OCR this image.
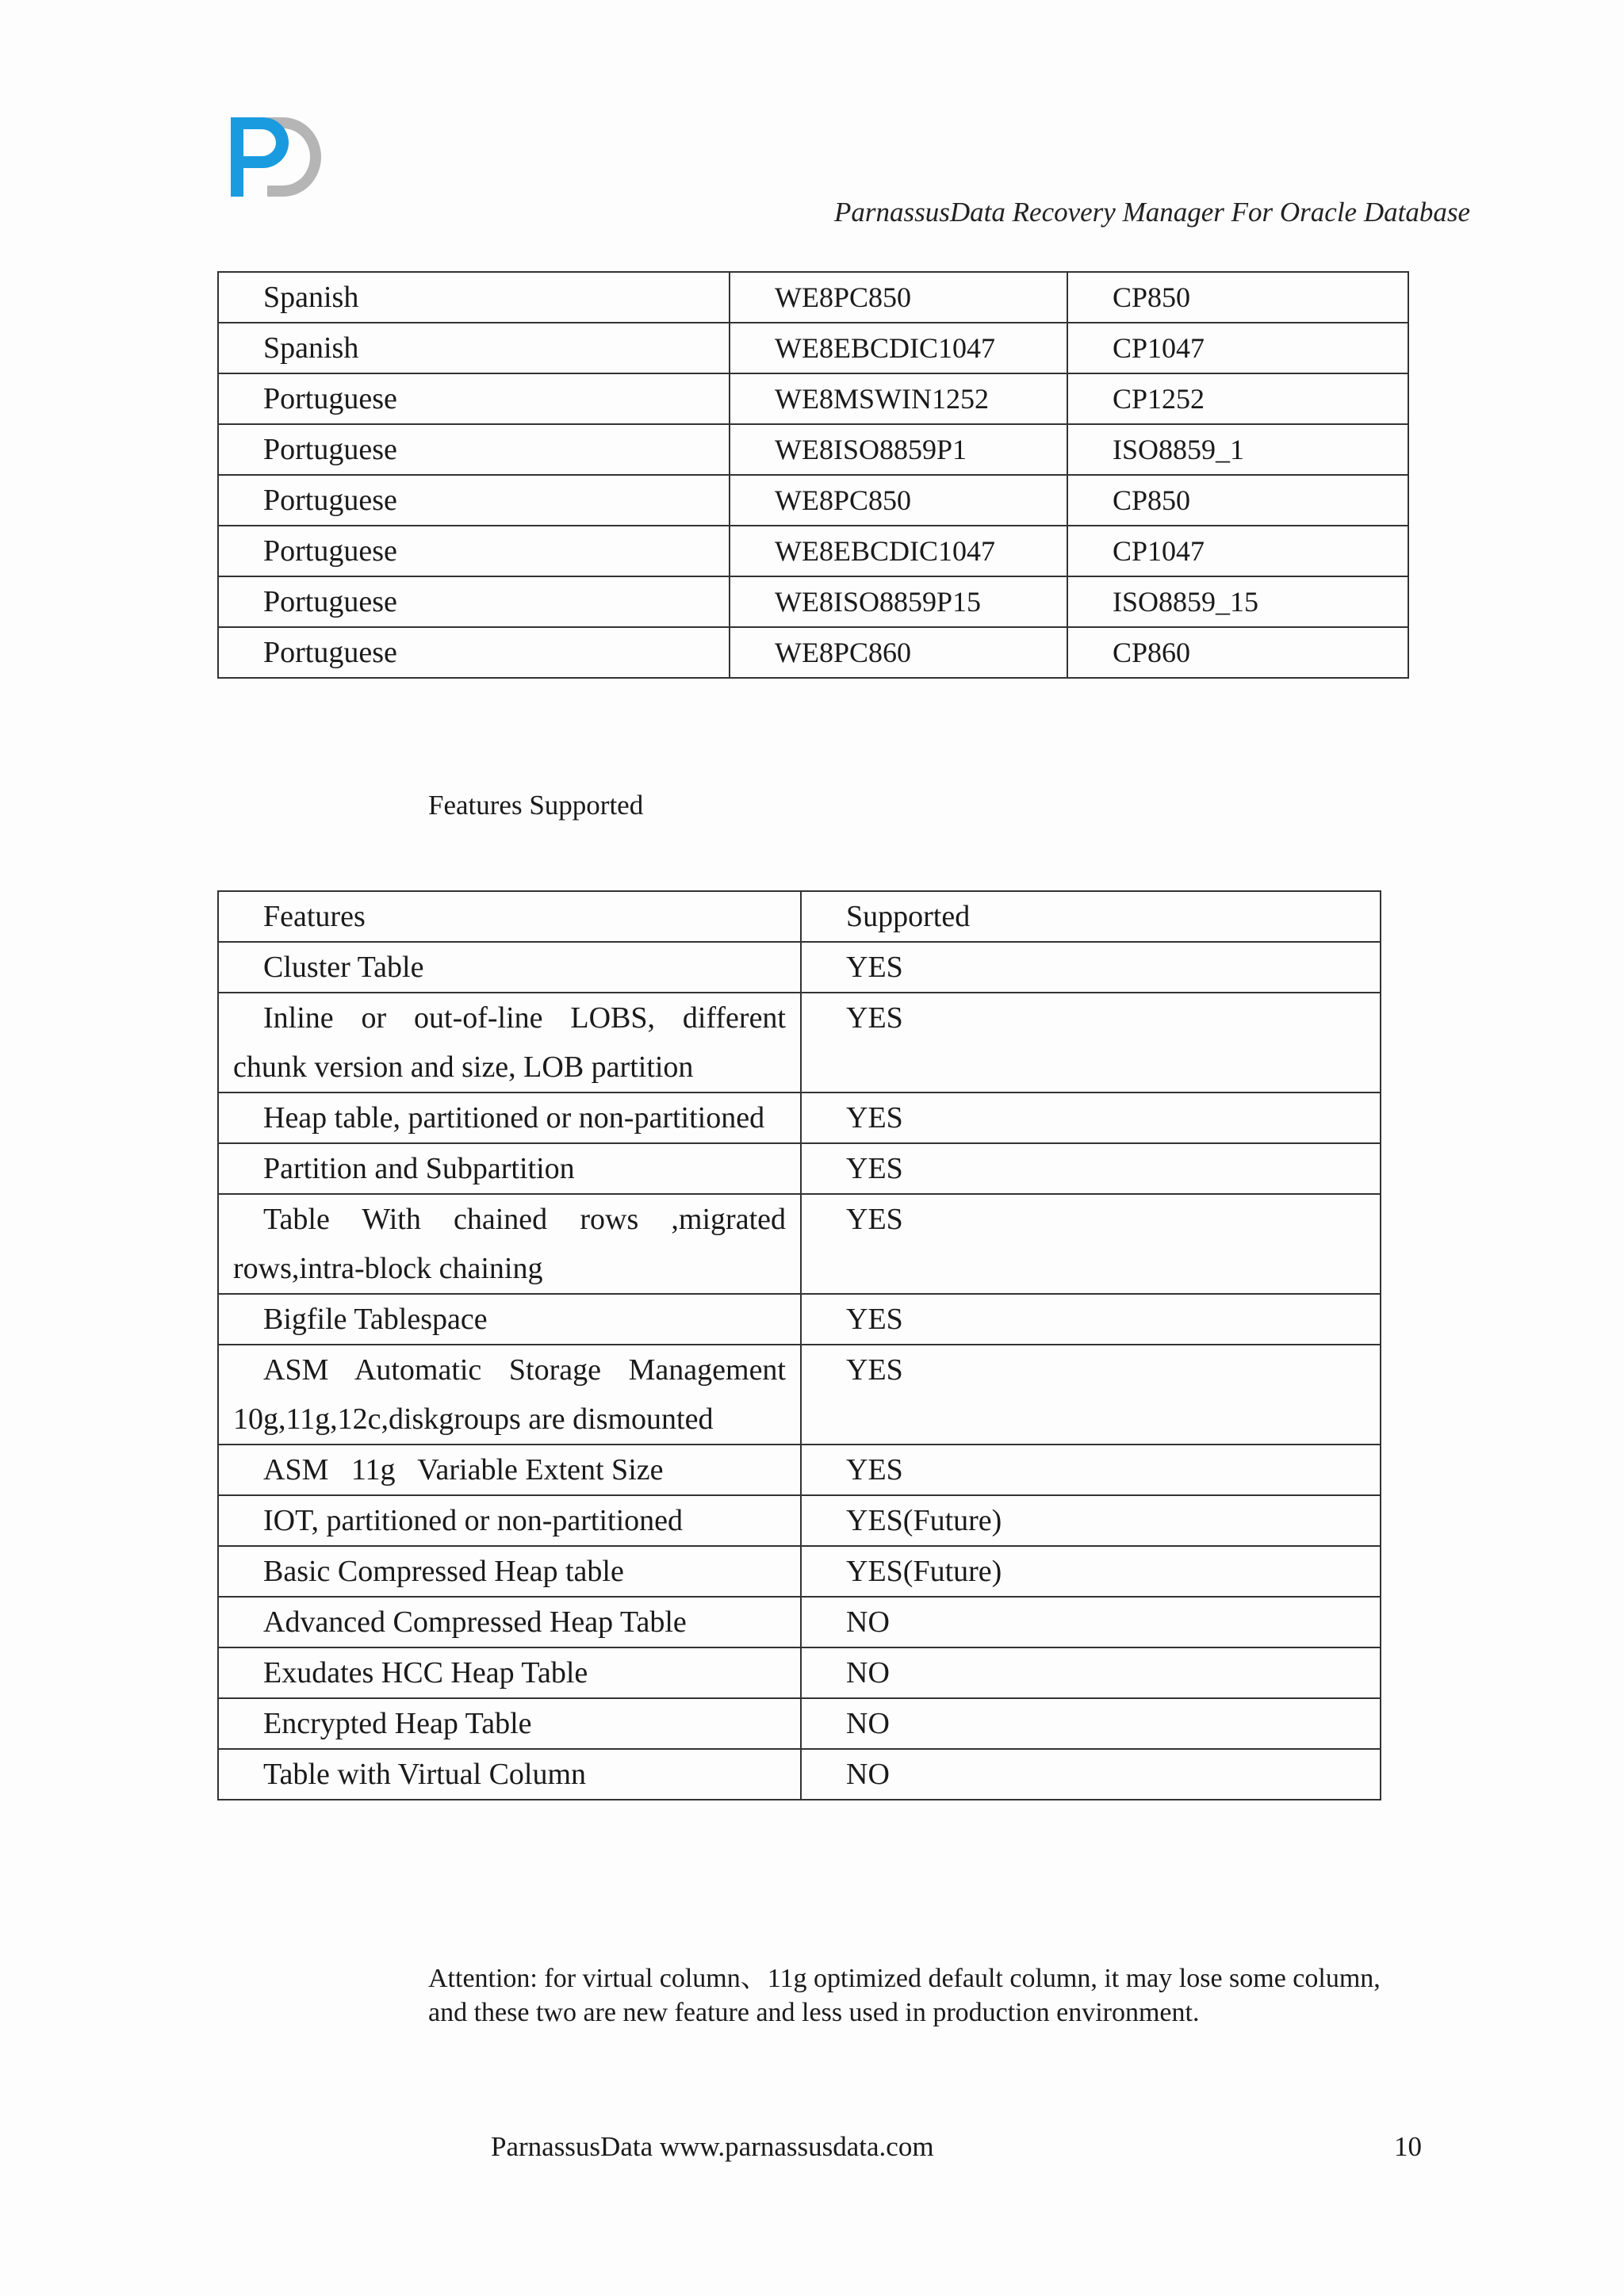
ParnassusData Recovery Manager For Oracle Database
Spanish	WE8PC850	CP850
Spanish	WE8EBCDIC1047	CP1047
Portuguese	WE8MSWIN1252	CP1252
Portuguese	WE8ISO8859P1	ISO8859_1
Portuguese	WE8PC850	CP850
Portuguese	WE8EBCDIC1047	CP1047
Portuguese	WE8ISO8859P15	ISO8859_15
Portuguese	WE8PC860	CP860
Features Supported
Features	Supported

Cluster Table	YES

Inline or out-of-line LOBS, different chunk version and size, LOB partition	YES

Heap table, partitioned or non-partitioned	YES

Partition and Subpartition	YES

Table With chained rows ,migrated rows,intra-block chaining	YES

Bigfile Tablespace	YES

ASM Automatic Storage Management 10g,11g,12c,diskgroups are dismounted	YES

ASM   11g   Variable Extent Size	YES

IOT, partitioned or non-partitioned	YES(Future)

Basic Compressed Heap table	YES(Future)

Advanced Compressed Heap Table	NO

Exudates HCC Heap Table	NO

Encrypted Heap Table	NO

Table with Virtual Column	NO
Attention: for virtual column、11g optimized default column, it may lose some column, and these two are new feature and less used in production environment.
ParnassusData www.parnassusdata.com	10
